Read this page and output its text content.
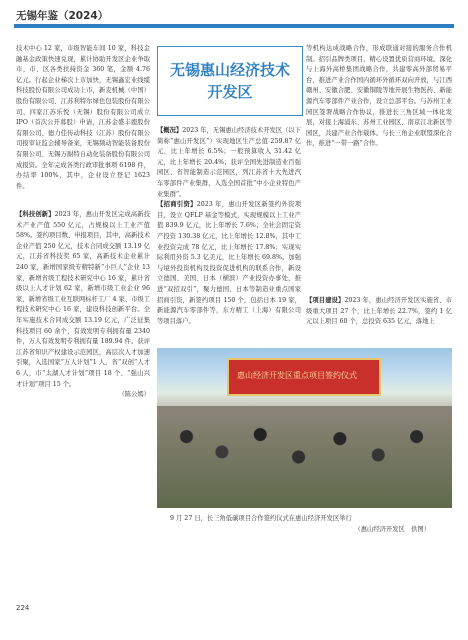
无锡年鉴（2024）
技术中心 12 家，市级智能车间 10 家，科技金融基金政策快速兑现，累计协助开发区企业争取市、市、区各类扶持资金 360 笔，金额 4.76 亿元。行起企业梯次上市加快，无锡鑫宏业线缆科技股份有限公司成功上市，新麦机械（中国）股份有限公司、江苏利特尔绿色包装股份有限公司、四家江苏乐悦（无锡）股份有限公司成立 IPO（首次公开募股）申请，江苏金盛丰鹿股份有限公司、德力佳传动科技（江苏）股份有限公司报审证监会辅导备案，无锡频动智能装备股份有限公司、无锡万耐特自动化装备股份有限公司成报资。全年完成各类行政审批事项 6198 件，办结率 100%，其中，企业设立登记 1623 件。
【科技创新】2023 年，惠山开发区完成高新技术产业产值 550 亿元，占规模以上工业产值 58%。签约项目数、申报项目，其中，高新技术企业产值 250 亿元，技术合同成交额 13.19 亿元，江苏省科技奖 65 家，高新技术企业累计 240 家，新增国家级专精特新“小巨人”企业 13 家，新增省级工程技术研究中心 16 家，累计省级以上人才计划 62 家，新增市级工业企业 96 家，新增省级工业互联网标杆工厂 4 家、市级工程技术研究中心 16 家，建设科技创新平台。全年实施技术合同成交额 13.19 亿元，广泛征集科技项目 60 余个，有效发明专利拥有量 2340 件，万人有效发明专利拥有量 189.94 件。获评江苏省知识产权建设示范园区，高层次人才加速引聚，入选国家“万人计划”1 人，省“双创”人才 6 人，市“太湖人才计划”项目 18 个、“强山兴才计划”项目 15 个。

（陈公嫣）
无锡惠山经济技术
开发区
【概况】2023 年，无锡惠山经济技术开发区（以下简称“惠山开发区”）实现地区生产总值 259.87 亿元，比上年增长 6.5%；一般预算收入 31.42 亿元，比上年增长 20.4%；获评全国先进制造业百强园区、省智能制造示范园区，列江苏省十大先进汽车零部件产业集群，入选全国首批“中小企业特色产业集群”。
【招商引资】2023 年，惠山开发区新签约外资项目，设立 QFLP 基金等模式，实现规模以上工业产值 839.9 亿元，比上年增长 7.6%；全社会固定资产投资 130.38 亿元，比上年增长 12.8%，其中工业投资完成 78 亿元，比上年增长 17.8%；实现实际利用外资 5.3 亿美元，比上年增长 69.8%。加强与境外投资机构及投资促进机构的联系合作，新设立德国、美国、日本（横滨）产业投资办事处，推进“双招双引”，聚力德国、日本等制造业重点国家招商引资，新签约项目 150 个，包括日本 19 家，新能源汽车零部件等，东方精工（上海）有限公司等项目落户。
等机构达成战略合作，形成联通对接的服务合作机制。招引品牌类项目，精心设置优质营商环境。深化与上海外高桥集团战略合作，共建零高外部贸易平台，推进产业合作国内循环外循环双向开放，与江西赣州、安徽合肥、安徽铜陵等地开展生物医药、新能源汽车零部件产业合作，设立总部平台。与苏州工业园区签署战略合作协议，推进长三角区域一体化发展，对接上海浦东、苏州工业园区、南京江北新区等园区，共建产业合作载体。与长三角企业联盟深化合作，推进“一带一路”合作。
【项目建设】2023 年，惠山经济开发区实施省、市级重大项目 27 个，比上年增长 22.7%，签约 1 亿元以上项目 60 个，总投资 635 亿元，落地上
惠山经济开发区重点项目签约仪式
9 月 27 日，长三角低碳项目合作签约仪式在惠山经济开发区举行
（惠山经济开发区　供图）
224
